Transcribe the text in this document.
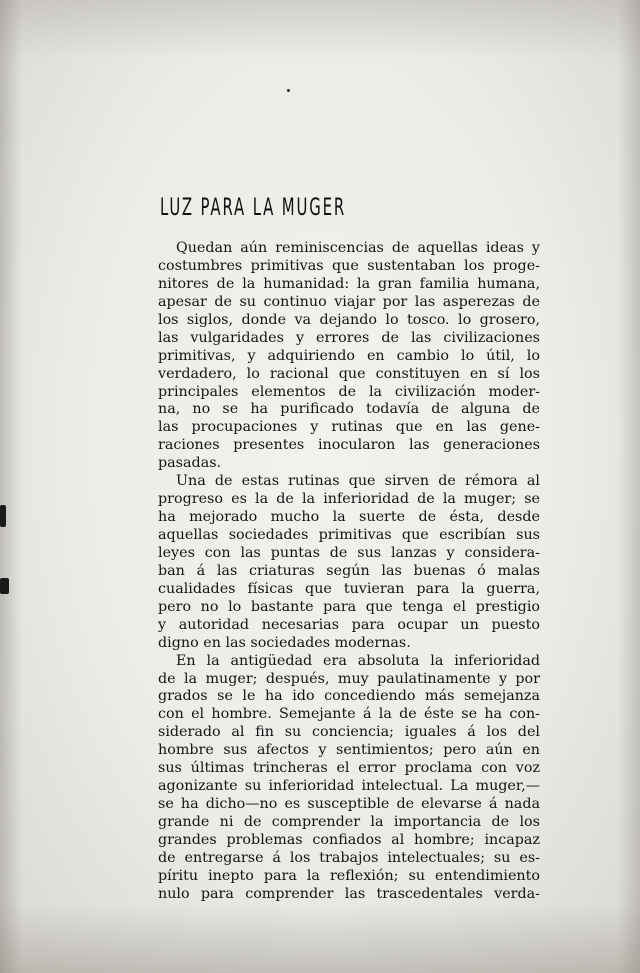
LUZ PARA LA MUGER
Quedan aún reminiscencias de aquellas ideas y
costumbres primitivas que sustentaban los proge-
nitores de la humanidad: la gran familia humana,
apesar de su continuo viajar por las asperezas de
los siglos, donde va dejando lo tosco. lo grosero,
las vulgaridades y errores de las civilizaciones
primitivas, y adquiriendo en cambio lo útil, lo
verdadero, lo racional que constituyen en sí los
principales elementos de la civilización moder-
na, no se ha purificado todavía de alguna de
las procupaciones y rutinas que en las gene-
raciones presentes inocularon las generaciones
pasadas.
Una de estas rutinas que sirven de rémora al
progreso es la de la inferioridad de la muger; se
ha mejorado mucho la suerte de ésta, desde
aquellas sociedades primitivas que escribían sus
leyes con las puntas de sus lanzas y considera-
ban á las criaturas según las buenas ó malas
cualidades físicas que tuvieran para la guerra,
pero no lo bastante para que tenga el prestigio
y autoridad necesarias para ocupar un puesto
digno en las sociedades modernas.
En la antigüedad era absoluta la inferioridad
de la muger; después, muy paulatinamente y por
grados se le ha ido concediendo más semejanza
con el hombre. Semejante á la de éste se ha con-
siderado al fin su conciencia; iguales á los del
hombre sus afectos y sentimientos; pero aún en
sus últimas trincheras el error proclama con voz
agonizante su inferioridad intelectual. La muger,—
se ha dicho—no es susceptible de elevarse á nada
grande ni de comprender la importancia de los
grandes problemas confiados al hombre; incapaz
de entregarse á los trabajos intelectuales; su es-
píritu inepto para la reflexión; su entendimiento
nulo para comprender las trascedentales verda-
